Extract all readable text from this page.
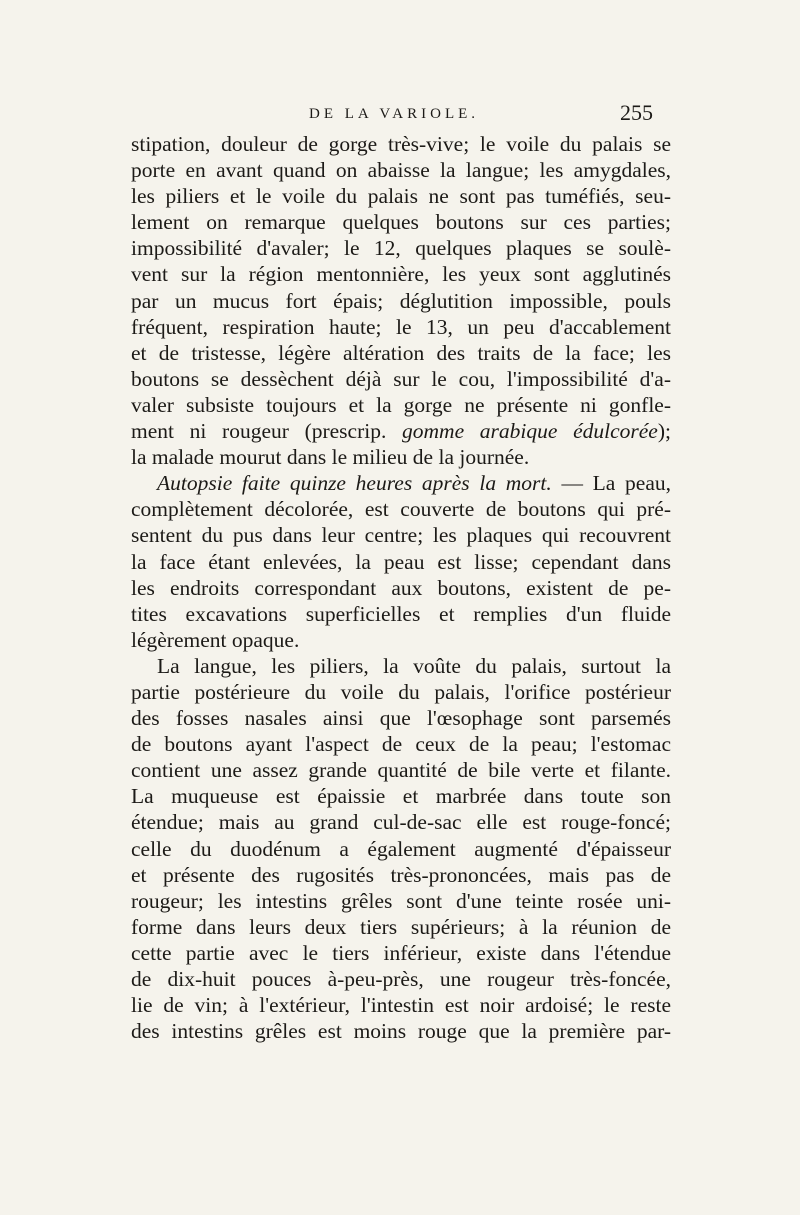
DE LA VARIOLE.	255
stipation, douleur de gorge très-vive; le voile du palais se
porte en avant quand on abaisse la langue; les amygdales,
les piliers et le voile du palais ne sont pas tuméfiés, seu-
lement on remarque quelques boutons sur ces parties;
impossibilité d'avaler; le 12, quelques plaques se soulè-
vent sur la région mentonnière, les yeux sont agglutinés
par un mucus fort épais; déglutition impossible, pouls
fréquent, respiration haute; le 13, un peu d'accablement
et de tristesse, légère altération des traits de la face; les
boutons se dessèchent déjà sur le cou, l'impossibilité d'a-
valer subsiste toujours et la gorge ne présente ni gonfle-
ment ni rougeur (prescrip. gomme arabique édulcorée);
la malade mourut dans le milieu de la journée.
Autopsie faite quinze heures après la mort. — La peau,
complètement décolorée, est couverte de boutons qui pré-
sentent du pus dans leur centre; les plaques qui recouvrent
la face étant enlevées, la peau est lisse; cependant dans
les endroits correspondant aux boutons, existent de pe-
tites excavations superficielles et remplies d'un fluide
légèrement opaque.
La langue, les piliers, la voûte du palais, surtout la
partie postérieure du voile du palais, l'orifice postérieur
des fosses nasales ainsi que l'œsophage sont parsemés
de boutons ayant l'aspect de ceux de la peau; l'estomac
contient une assez grande quantité de bile verte et filante.
La muqueuse est épaissie et marbrée dans toute son
étendue; mais au grand cul-de-sac elle est rouge-foncé;
celle du duodénum a également augmenté d'épaisseur
et présente des rugosités très-prononcées, mais pas de
rougeur; les intestins grêles sont d'une teinte rosée uni-
forme dans leurs deux tiers supérieurs; à la réunion de
cette partie avec le tiers inférieur, existe dans l'étendue
de dix-huit pouces à-peu-près, une rougeur très-foncée,
lie de vin; à l'extérieur, l'intestin est noir ardoisé; le reste
des intestins grêles est moins rouge que la première par-
